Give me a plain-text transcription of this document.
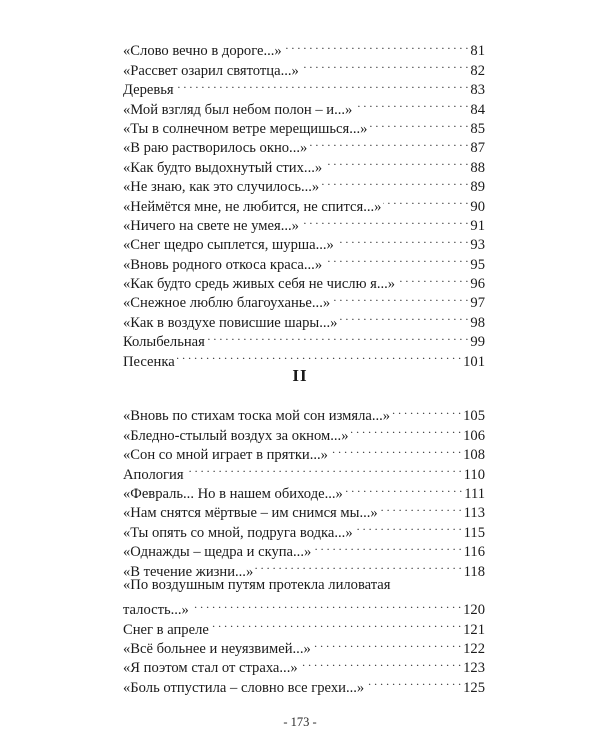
«Слово вечно в дороге...» . . .	81
«Рассвет озарил святотца...» . . .	82
Деревья . . .	83
«Мой взгляд был небом полон – и...» . . .	84
«Ты в солнечном ветре мерещишься...» . . .	85
«В раю растворилось окно...» . . .	87
«Как будто выдохнутый стих...» . . .	88
«Не знаю, как это случилось...» . . .	89
«Неймётся мне, не любится, не спится...» . . .	90
«Ничего на свете не умея...» . . .	91
«Снег щедро сыплется, шурша...» . . .	93
«Вновь родного откоса краса...» . . .	95
«Как будто средь живых себя не числю я...» . . .	96
«Снежное люблю благоуханье...» . . .	97
«Как в воздухе повисшие шары...» . . .	98
Колыбельная . . .	99
Песенка . . .	101
II
«Вновь по стихам тоска мой сон измяла...» . . .	105
«Бледно-стылый воздух за окном...» . . .	106
«Сон со мной играет в прятки...» . . .	108
Апология . . .	110
«Февраль... Но в нашем обиходе...» . . .	111
«Нам снятся мёртвые – им снимся мы...» . . .	113
«Ты опять со мной, подруга водка...» . . .	115
«Однажды – щедра и скупа...» . . .	116
«В течение жизни...» . . .	118
«По воздушным путям протекла лиловатая
талость...» . . .	120
Снег в апреле . . .	121
«Всё больнее и неуязвимей...» . . .	122
«Я поэтом стал от страха...» . . .	123
«Боль отпустила – словно все грехи...» . . .	125
- 173 -
